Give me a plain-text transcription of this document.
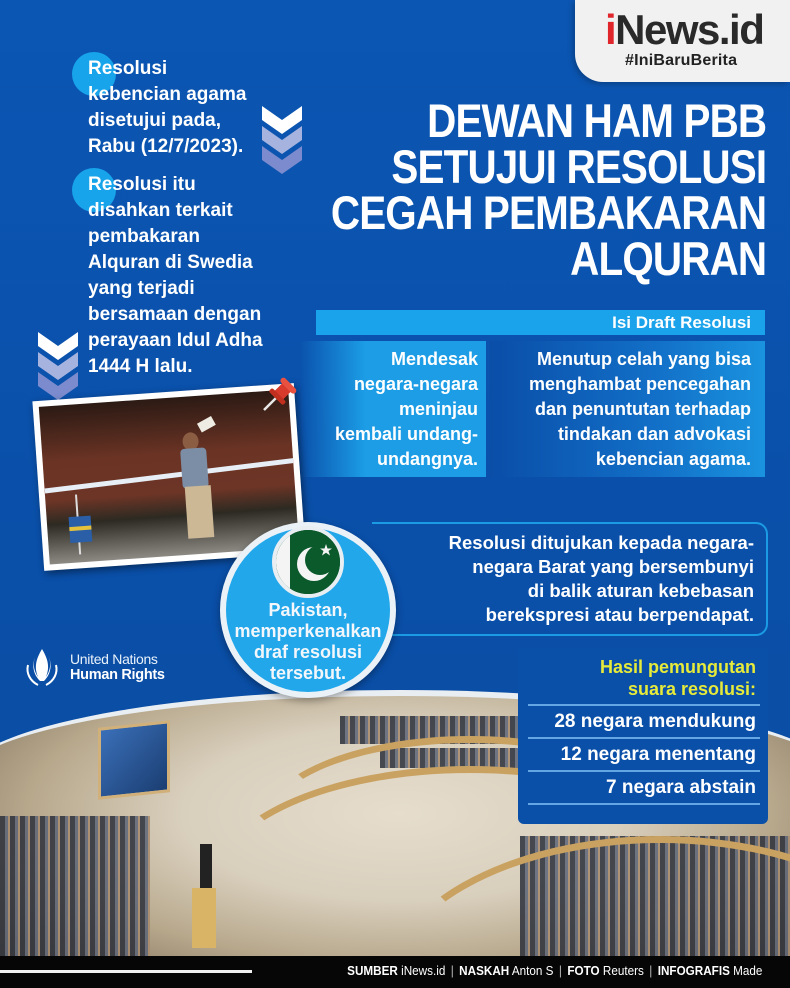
iNews.id
#IniBaruBerita
Resolusi
kebencian agama
disetujui pada,
Rabu (12/7/2023).
Resolusi itu
disahkan terkait
pembakaran
Alquran di Swedia
yang terjadi
bersamaan dengan
perayaan Idul Adha
1444 H lalu.
DEWAN HAM PBB
SETUJUI RESOLUSI
CEGAH PEMBAKARAN
ALQURAN
Isi Draft Resolusi
Mendesak
negara-negara
meninjau
kembali undang-
undangnya.
Menutup celah yang bisa
menghambat pencegahan
dan penuntutan terhadap
tindakan dan advokasi
kebencian agama.
Resolusi ditujukan kepada negara-
negara Barat yang bersembunyi
di balik aturan kebebasan
berekspresi atau berpendapat.
United Nations
Human Rights
Pakistan,
memperkenalkan
draf resolusi
tersebut.	Hasil pemungutan
suara resolusi:
28 negara mendukung
12 negara menentang
7 negara abstain
SUMBER iNews.id | NASKAH Anton S | FOTO Reuters | INFOGRAFIS Made
